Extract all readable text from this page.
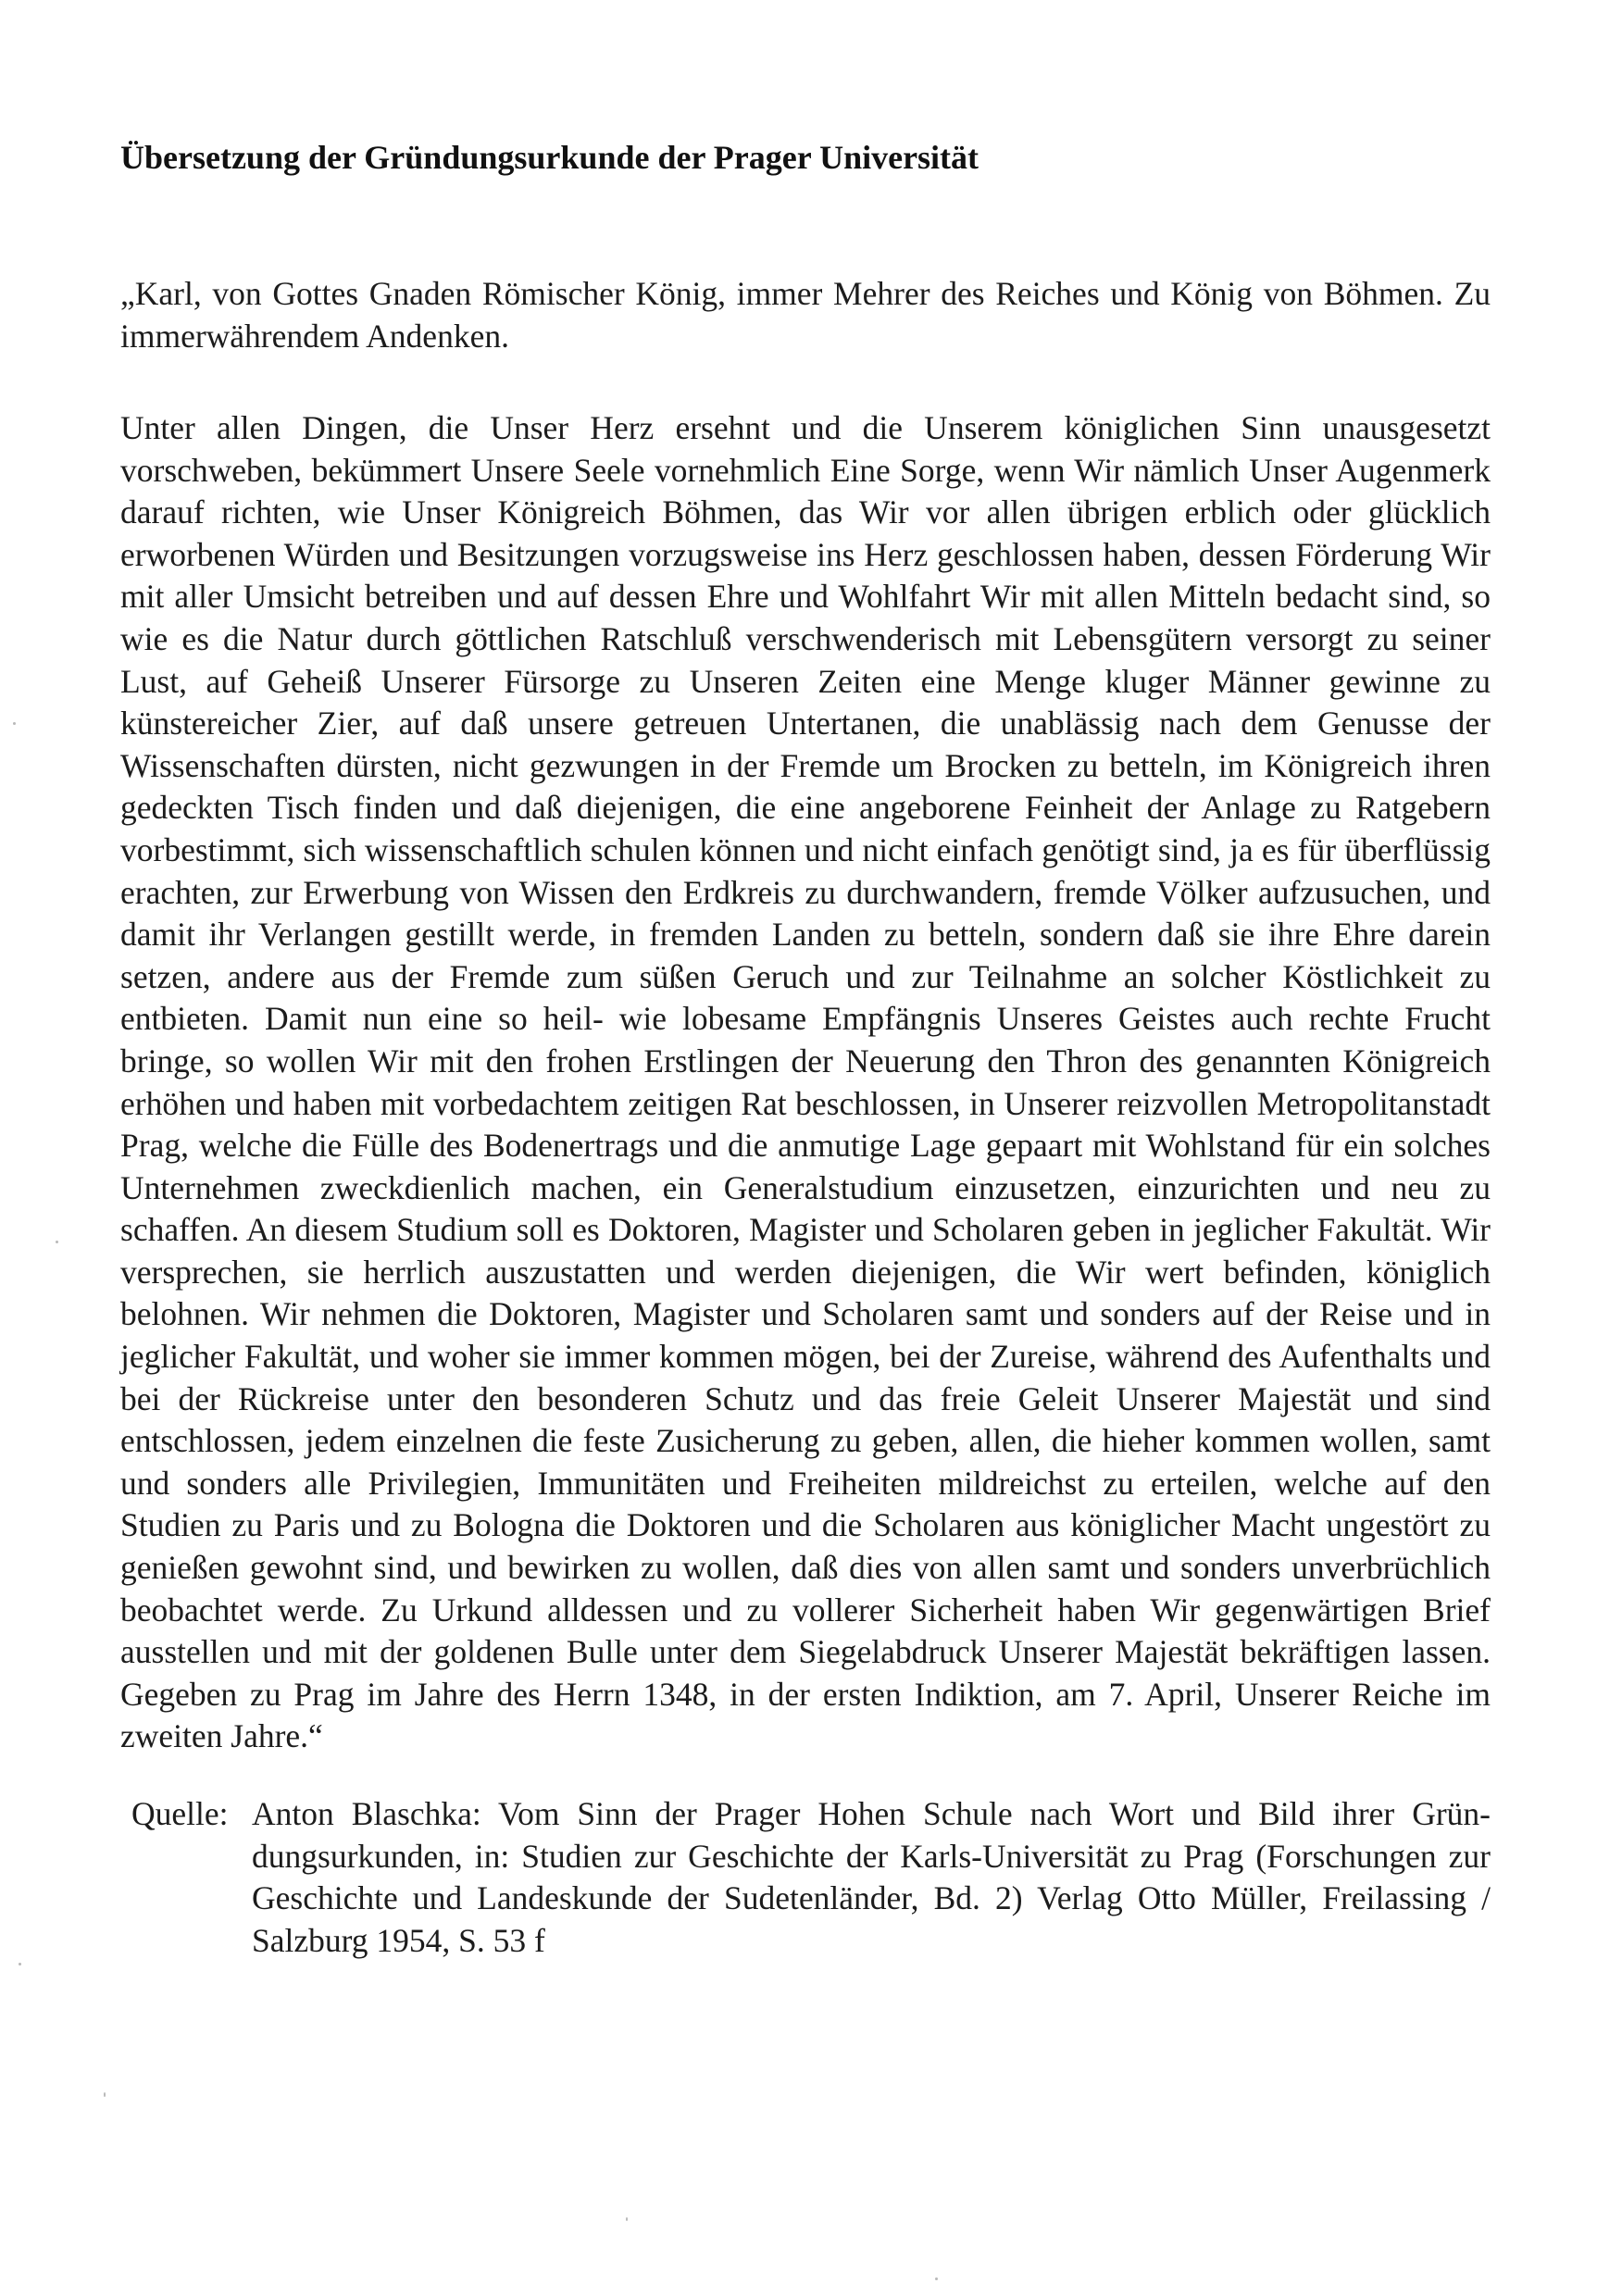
Übersetzung der Gründungsurkunde der Prager Universität

„Karl, von Gottes Gnaden Römischer König, immer Mehrer des Reiches und König von Böhmen. Zu immerwährendem Andenken.

Unter allen Dingen, die Unser Herz ersehnt und die Unserem königlichen Sinn unausgesetzt vorschweben, bekümmert Unsere Seele vornehmlich Eine Sorge, wenn Wir nämlich Unser Augenmerk darauf richten, wie Unser Königreich Böhmen, das Wir vor allen übrigen erblich oder glücklich erworbenen Würden und Besitzungen vorzugsweise ins Herz geschlossen haben, dessen Förderung Wir mit aller Umsicht betreiben und auf dessen Ehre und Wohlfahrt Wir mit allen Mitteln bedacht sind, so wie es die Natur durch göttlichen Ratschluß verschwenderisch mit Lebensgütern versorgt zu seiner Lust, auf Geheiß Unserer Fürsorge zu Unseren Zeiten eine Menge kluger Männer gewinne zu künstereicher Zier, auf daß unsere getreuen Untertanen, die unablässig nach dem Genusse der Wissenschaften dürsten, nicht gezwungen in der Fremde um Brocken zu betteln, im Königreich ihren gedeckten Tisch finden und daß diejenigen, die eine angeborene Feinheit der Anlage zu Ratgebern vorbestimmt, sich wissenschaftlich schulen können und nicht einfach genötigt sind, ja es für überflüssig erachten, zur Erwerbung von Wissen den Erdkreis zu durchwandern, fremde Völker aufzusuchen, und damit ihr Verlangen gestillt werde, in fremden Landen zu betteln, sondern daß sie ihre Ehre darein setzen, andere aus der Fremde zum süßen Geruch und zur Teilnahme an solcher Köstlichkeit zu entbieten. Damit nun eine so heil- wie lobesame Empfängnis Unseres Geistes auch rechte Frucht bringe, so wollen Wir mit den frohen Erstlingen der Neuerung den Thron des genannten Königreich erhöhen und haben mit vorbedachtem zeitigen Rat beschlossen, in Unserer reizvollen Metropolitanstadt Prag, welche die Fülle des Bodenertrags und die anmutige Lage gepaart mit Wohlstand für ein solches Unternehmen zweckdienlich machen, ein Generalstudium einzusetzen, einzurichten und neu zu schaffen. An diesem Studium soll es Doktoren, Magister und Scholaren geben in jeglicher Fakultät. Wir versprechen, sie herrlich auszustatten und werden diejenigen, die Wir wert befinden, königlich belohnen. Wir nehmen die Doktoren, Magister und Scholaren samt und sonders auf der Reise und in jeglicher Fakultät, und woher sie immer kommen mögen, bei der Zureise, während des Aufenthalts und bei der Rückreise unter den besonderen Schutz und das freie Geleit Unserer Majestät und sind entschlossen, jedem einzelnen die feste Zusicherung zu geben, allen, die hieher kommen wollen, samt und sonders alle Privilegien, Immunitäten und Freiheiten mildreichst zu erteilen, welche auf den Studien zu Paris und zu Bologna die Doktoren und die Scholaren aus königlicher Macht ungestört zu genießen gewohnt sind, und bewirken zu wollen, daß dies von allen samt und sonders unverbrüchlich beobachtet werde. Zu Urkund alldessen und zu vollerer Sicherheit haben Wir gegenwärtigen Brief ausstellen und mit der goldenen Bulle unter dem Siegelabdruck Unserer Majestät bekräftigen lassen. Gegeben zu Prag im Jahre des Herrn 1348, in der ersten Indiktion, am 7. April, Unserer Reiche im zweiten Jahre.“

Quelle: Anton Blaschka: Vom Sinn der Prager Hohen Schule nach Wort und Bild ihrer Gründungsurkunden, in: Studien zur Geschichte der Karls-Universität zu Prag (Forschungen zur Geschichte und Landeskunde der Sudetenländer, Bd. 2) Verlag Otto Müller, Freilassing / Salzburg 1954, S. 53 f
